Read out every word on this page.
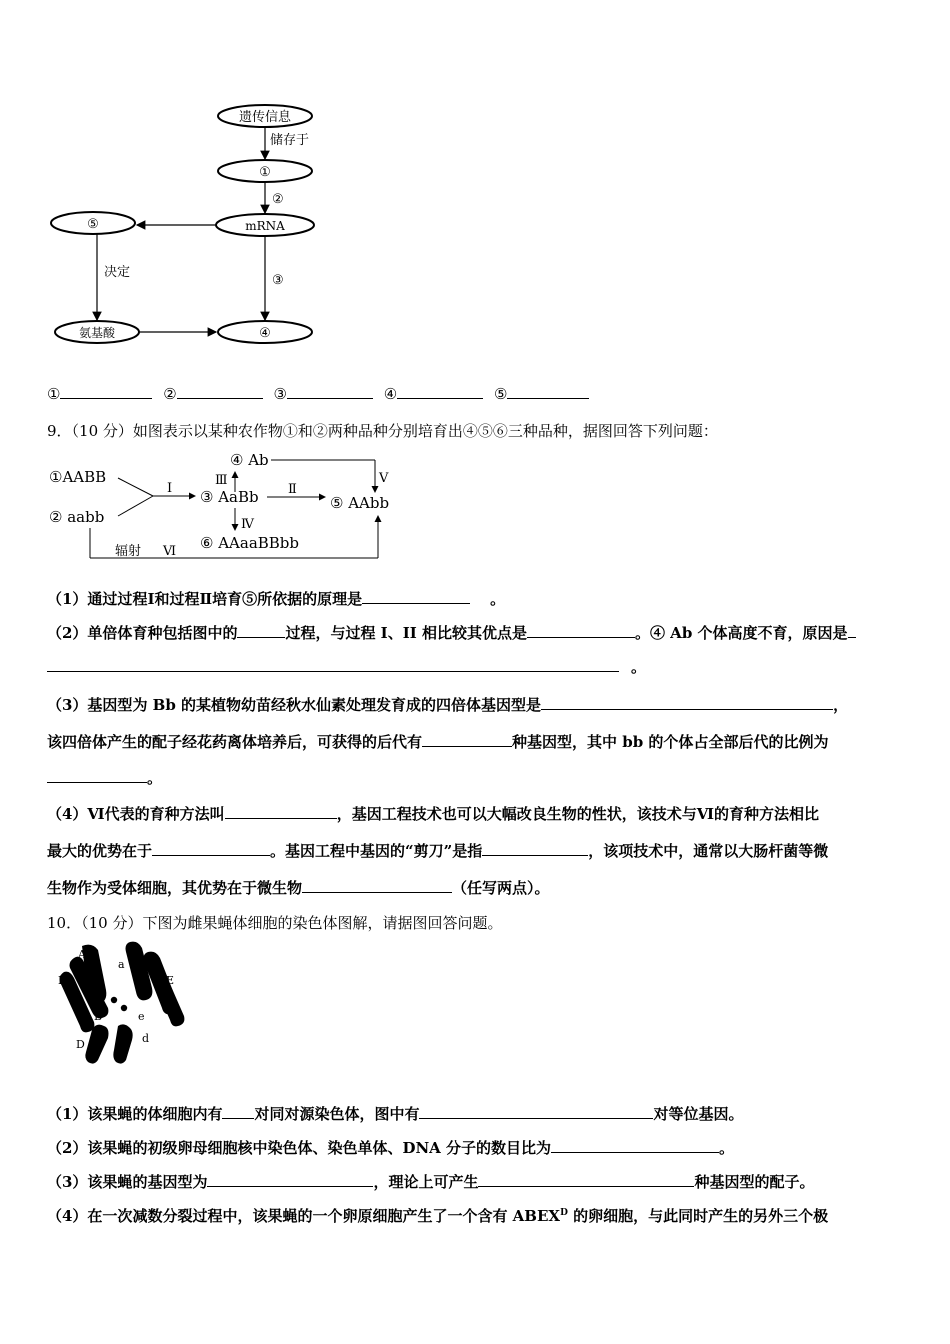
遗传信息
储存于
①
②
mRNA
⑤
③
决定
氨基酸	④
①	②	③	④	⑤
9．（10 分）如图表示以某种农作物①和②两种品种分别培育出④⑤⑥三种品种，据图回答下列问题：
①AABB
② aabb
Ⅰ
④ Ab
Ⅲ
③ AaBb Ⅱ
⑤ AAbb
Ⅴ
Ⅳ
⑥ AAaaBBbb
辐射 Ⅵ
（1）通过过程Ⅰ和过程Ⅱ培育⑤所依据的原理是	。
（2）单倍体育种包括图中的	过程，与过程 I、II 相比较其优点是	。④ Ab 个体高度不育，原因是
。
（3）基因型为 Bb 的某植物幼苗经秋水仙素处理发育成的四倍体基因型是	，
该四倍体产生的配子经花药离体培养后，可获得的后代有	种基因型，其中 bb 的个体占全部后代的比例为
。
（4）Ⅵ代表的育种方法叫	，基因工程技术也可以大幅改良生物的性状，该技术与Ⅵ的育种方法相比
最大的优势在于	。基因工程中基因的“剪刀”是指	，该项技术中，通常以大肠杆菌等微
生物作为受体细胞，其优势在于微生物	（任写两点）。
10．（10 分）下图为雌果蝇体细胞的染色体图解，请据图回答问题。
A
a
B	E
e
B
D	d
（1）该果蝇的体细胞内有 对同对源染色体，图中有	对等位基因。
（2）该果蝇的初级卵母细胞核中染色体、染色单体、DNA 分子的数目比为	。
（3）该果蝇的基因型为	，理论上可产生	种基因型的配子。
（4）在一次减数分裂过程中，该果蝇的一个卵原细胞产生了一个含有 $ABEX^D$ 的卵细胞，与此同时产生的另外三个极
